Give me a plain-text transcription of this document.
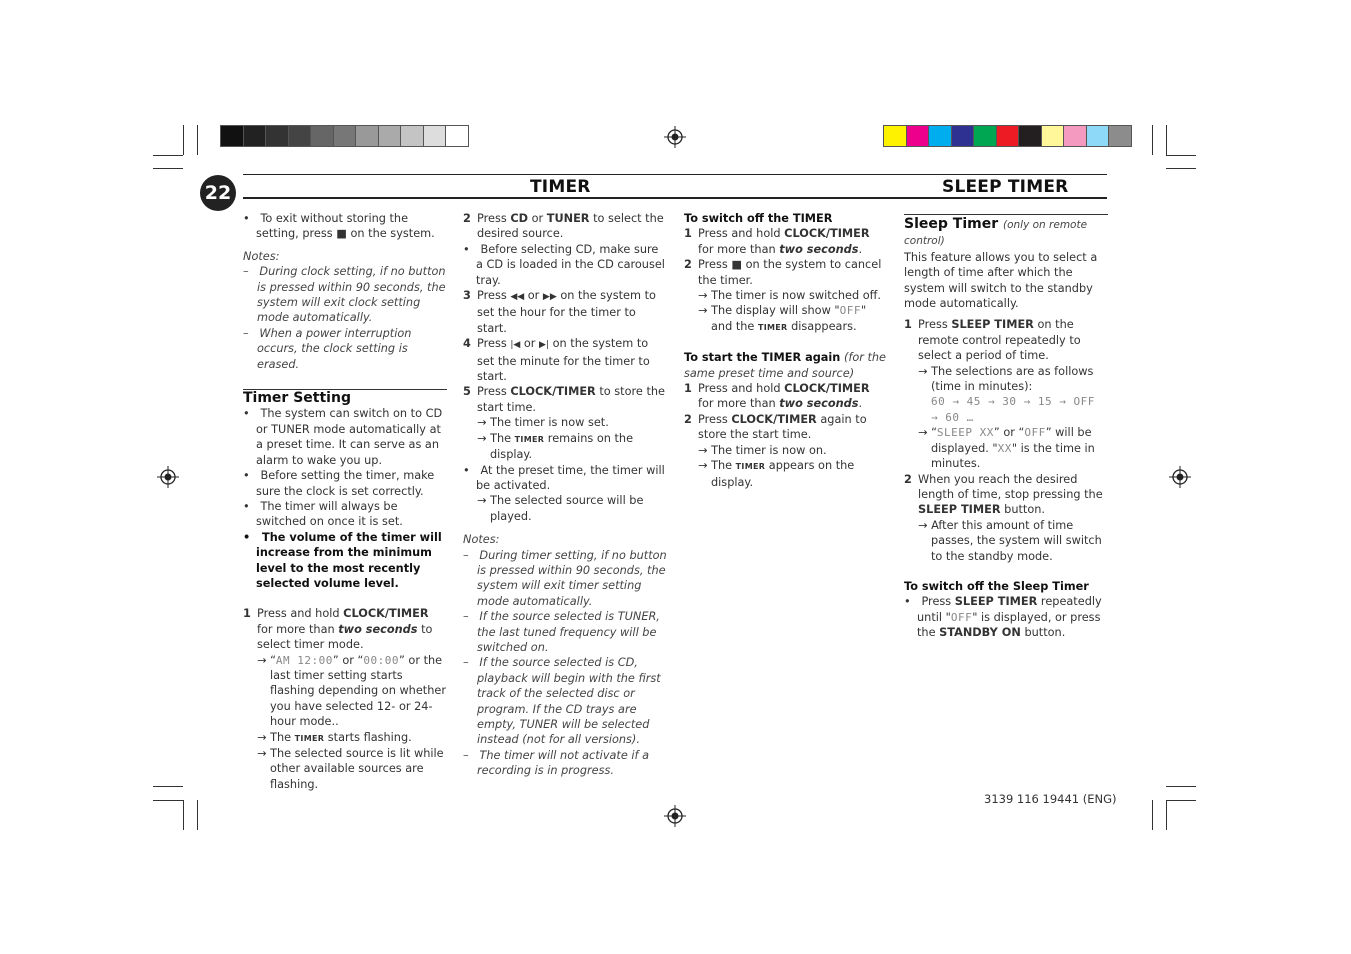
22	TIMER	SLEEP TIMER

•   To exit without storing the setting, press ■ on the system.

Notes:

–   During clock setting, if no button is pressed within 90 seconds, the system will exit clock setting mode automatically.

–   When a power interruption occurs, the clock setting is erased.

Timer Setting

•   The system can switch on to CD or TUNER mode automatically at a preset time. It can serve as an alarm to wake you up.

•   Before setting the timer, make sure the clock is set correctly.

•   The timer will always be switched on once it is set.

•   The volume of the timer will increase from the minimum level to the most recently selected volume level.

1 Press and hold CLOCK/TIMER for more than two seconds to select timer mode.

→ “AM 12:00” or “00:00” or the last timer setting starts flashing depending on whether you have selected 12- or 24-hour mode..

→ The TIMER starts flashing.

→ The selected source is lit while other available sources are flashing.

2 Press CD or TUNER to select the desired source.

•   Before selecting CD, make sure a CD is loaded in the CD carousel tray.

3 Press ◀◀ or ▶▶ on the system to set the hour for the timer to start.

4 Press |◀ or ▶| on the system to set the minute for the timer to start.

5 Press CLOCK/TIMER to store the start time.

→ The timer is now set.

→ The TIMER remains on the display.

•   At the preset time, the timer will be activated.

→ The selected source will be played.

Notes:

–   During timer setting, if no button is pressed within 90 seconds, the system will exit timer setting mode automatically.

–   If the source selected is TUNER, the last tuned frequency will be switched on.

–   If the source selected is CD, playback will begin with the first track of the selected disc or program. If the CD trays are empty, TUNER will be selected instead (not for all versions).

–   The timer will not activate if a recording is in progress.

To switch off the TIMER

1 Press and hold CLOCK/TIMER for more than two seconds.

2 Press ■ on the system to cancel the timer.

→ The timer is now switched off.

→ The display will show "OFF" and the TIMER disappears.

To start the TIMER again (for the same preset time and source)

1 Press and hold CLOCK/TIMER for more than two seconds.

2 Press CLOCK/TIMER again to store the start time.

→ The timer is now on.

→ The TIMER appears on the display.

Sleep Timer (only on remote control)

This feature allows you to select a length of time after which the system will switch to the standby mode automatically.

1 Press SLEEP TIMER on the remote control repeatedly to select a period of time.

→ The selections are as follows (time in minutes):

60 → 45 → 30 → 15 → OFF → 60 …

→ “SLEEP XX” or “OFF” will be displayed. "XX" is the time in minutes.

2 When you reach the desired length of time, stop pressing the SLEEP TIMER button.

→ After this amount of time passes, the system will switch to the standby mode.

To switch off the Sleep Timer

•   Press SLEEP TIMER repeatedly until "OFF" is displayed, or press the STANDBY ON button.

3139 116 19441 (ENG)
